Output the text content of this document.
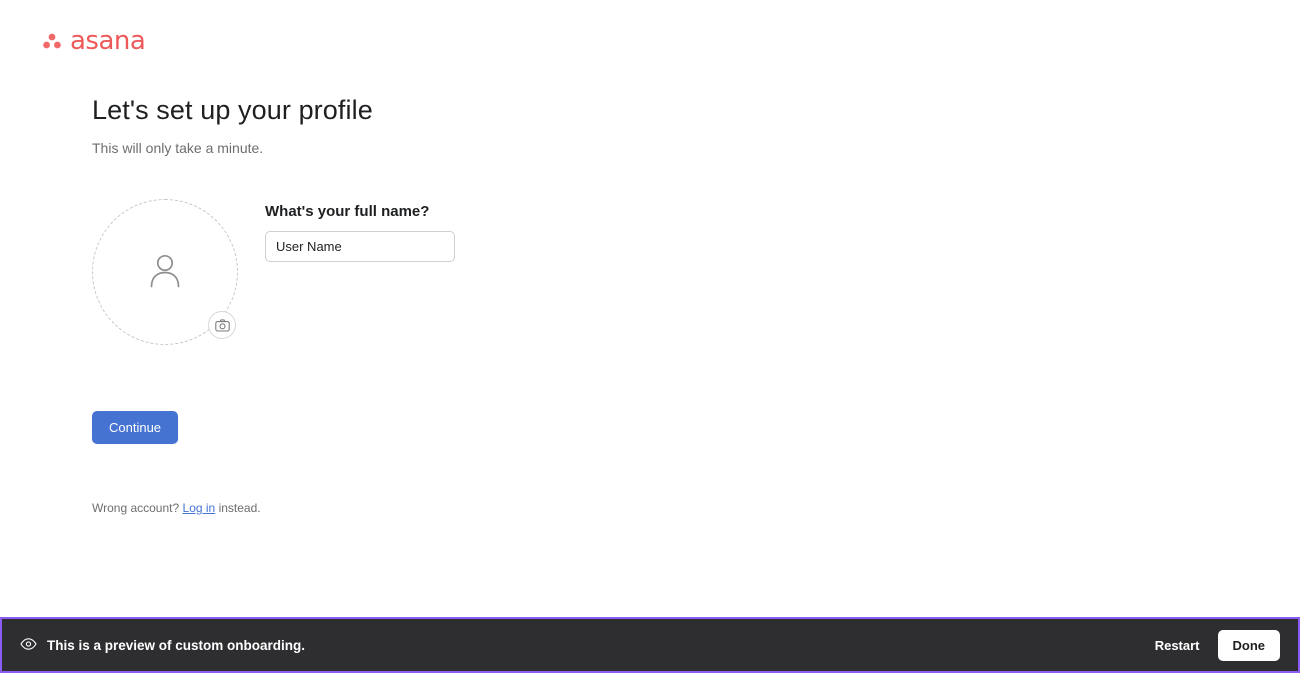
asana
Let's set up your profile
This will only take a minute.
What's your full name?
User Name
Continue
Wrong account? Log in instead.
This is a preview of custom onboarding.	Restart	Done
